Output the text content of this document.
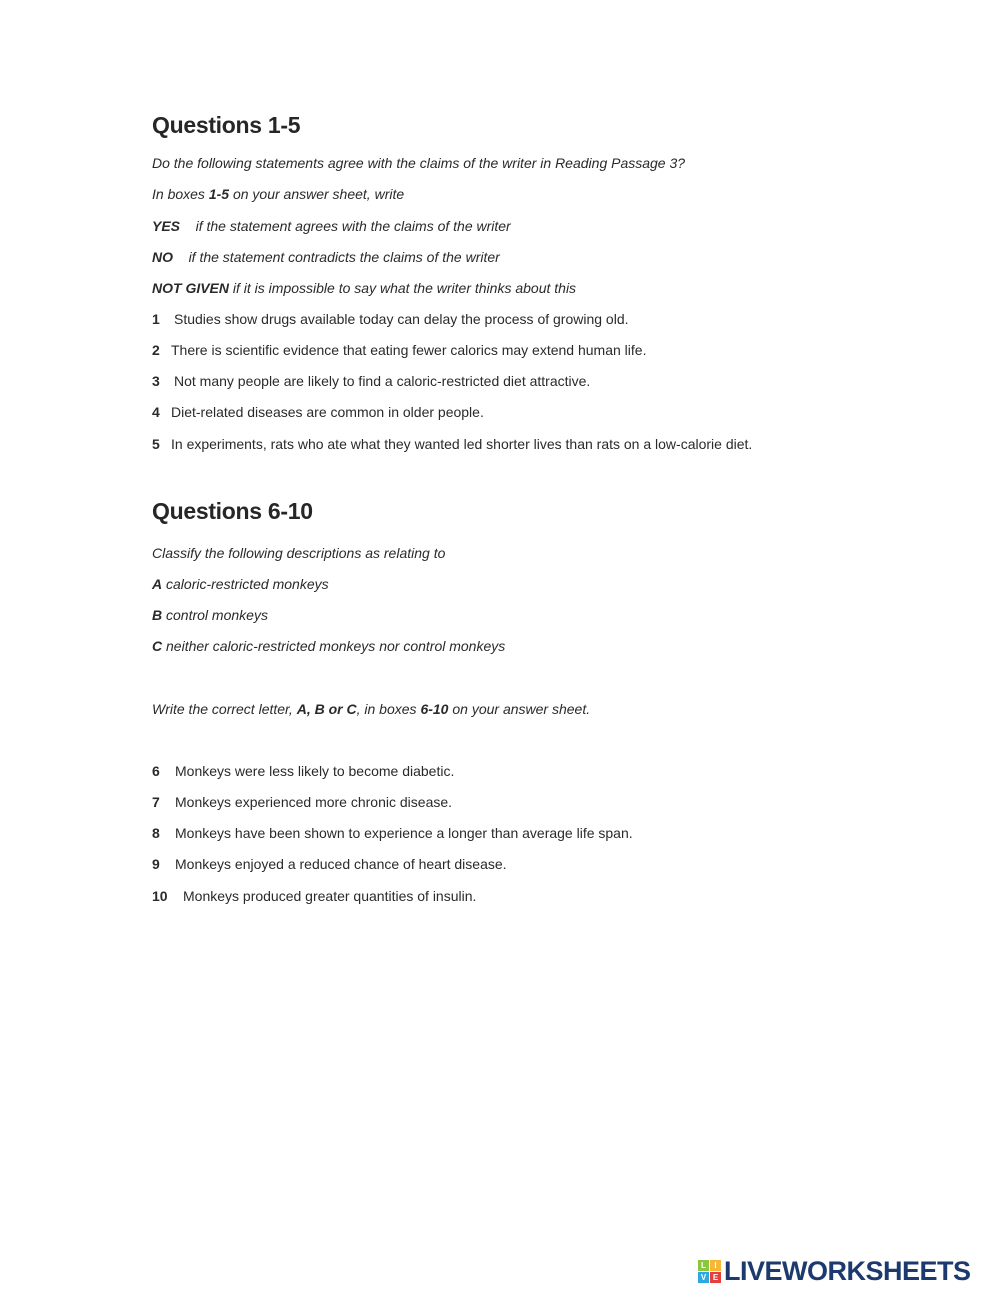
Questions 1-5
Do the following statements agree with the claims of the writer in Reading Passage 3?
In boxes 1-5 on your answer sheet, write
YES if the statement agrees with the claims of the writer
NO if the statement contradicts the claims of the writer
NOT GIVEN if it is impossible to say what the writer thinks about this
1 Studies show drugs available today can delay the process of growing old.
2 There is scientific evidence that eating fewer calorics may extend human life.
3 Not many people are likely to find a caloric-restricted diet attractive.
4 Diet-related diseases are common in older people.
5 In experiments, rats who ate what they wanted led shorter lives than rats on a low-calorie diet.
Questions 6-10
Classify the following descriptions as relating to
A caloric-restricted monkeys
B control monkeys
C neither caloric-restricted monkeys nor control monkeys
Write the correct letter, A, B or C, in boxes 6-10 on your answer sheet.
6 Monkeys were less likely to become diabetic.
7 Monkeys experienced more chronic disease.
8 Monkeys have been shown to experience a longer than average life span.
9 Monkeys enjoyed a reduced chance of heart disease.
10 Monkeys produced greater quantities of insulin.
L	I
V E LIVEWORKSHEETS
